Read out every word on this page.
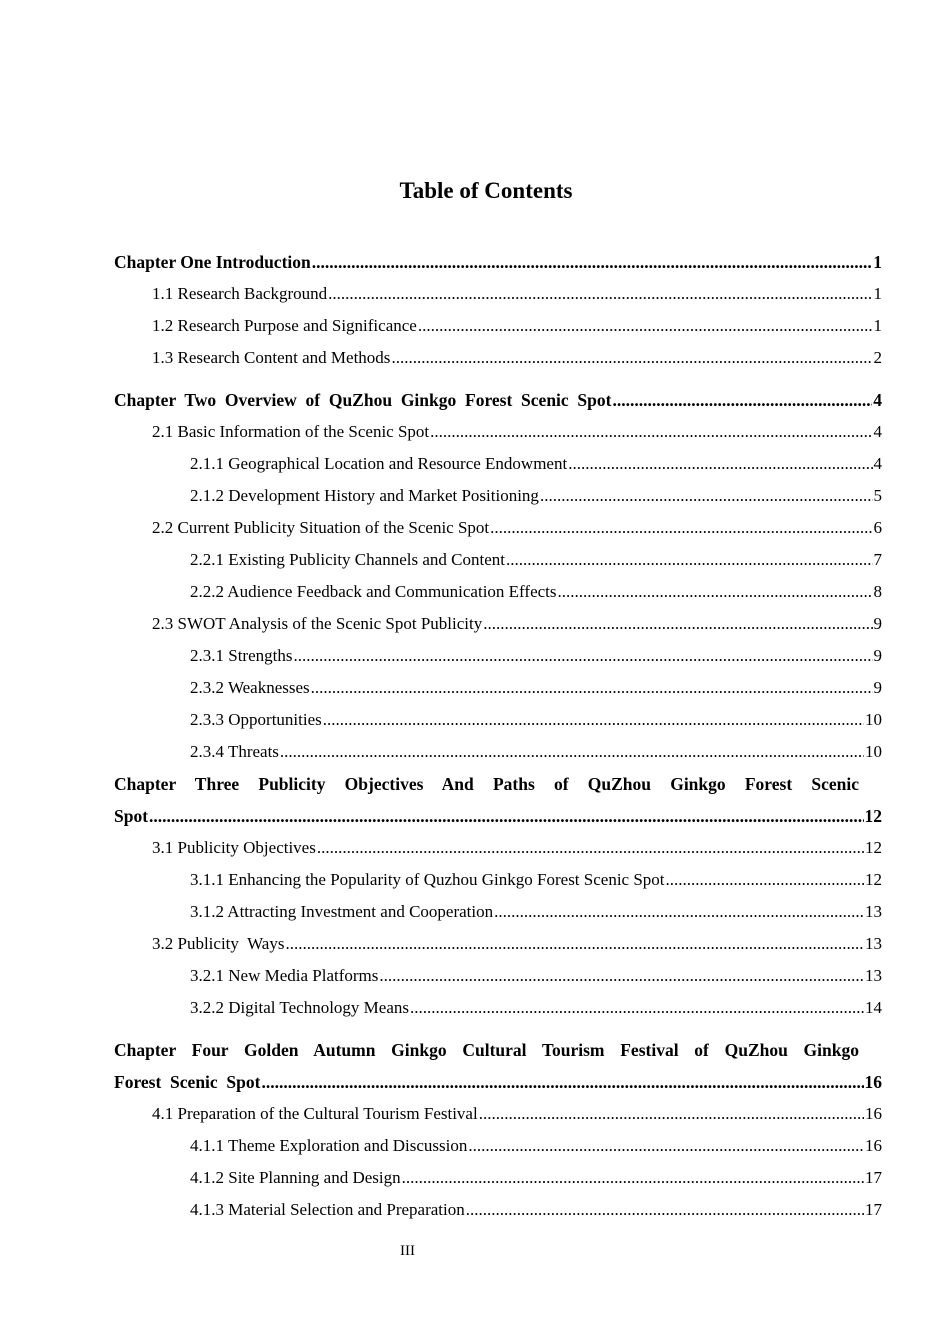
Table of Contents
Chapter One Introduction .....	1
1.1 Research Background .....	1
1.2 Research Purpose and Significance .....	1
1.3 Research Content and Methods .....	2
Chapter  Two  Overview  of  QuZhou  Ginkgo  Forest  Scenic  Spot .....	4
2.1 Basic Information of the Scenic Spot .....	4
2.1.1 Geographical Location and Resource Endowment .....	4
2.1.2 Development History and Market Positioning .....	5
2.2 Current Publicity Situation of the Scenic Spot .....	6
2.2.1 Existing Publicity Channels and Content .....	7
2.2.2 Audience Feedback and Communication Effects .....	8
2.3 SWOT Analysis of the Scenic Spot Publicity .....	9
2.3.1 Strengths .....	9
2.3.2 Weaknesses .....	9
2.3.3 Opportunities .....	10
2.3.4 Threats .....	10
Chapter Three Publicity Objectives And Paths of QuZhou Ginkgo Forest Scenic
Spot .....	12
3.1 Publicity Objectives .....	12
3.1.1 Enhancing the Popularity of Quzhou Ginkgo Forest Scenic Spot .....	12
3.1.2 Attracting Investment and Cooperation .....	13
3.2 Publicity  Ways .....	13
3.2.1 New Media Platforms .....	13
3.2.2 Digital Technology Means .....	14
Chapter Four Golden Autumn Ginkgo Cultural Tourism Festival of QuZhou Ginkgo
Forest  Scenic  Spot .....	16
4.1 Preparation of the Cultural Tourism Festival .....	16
4.1.1 Theme Exploration and Discussion .....	16
4.1.2 Site Planning and Design .....	17
4.1.3 Material Selection and Preparation .....	17
III
